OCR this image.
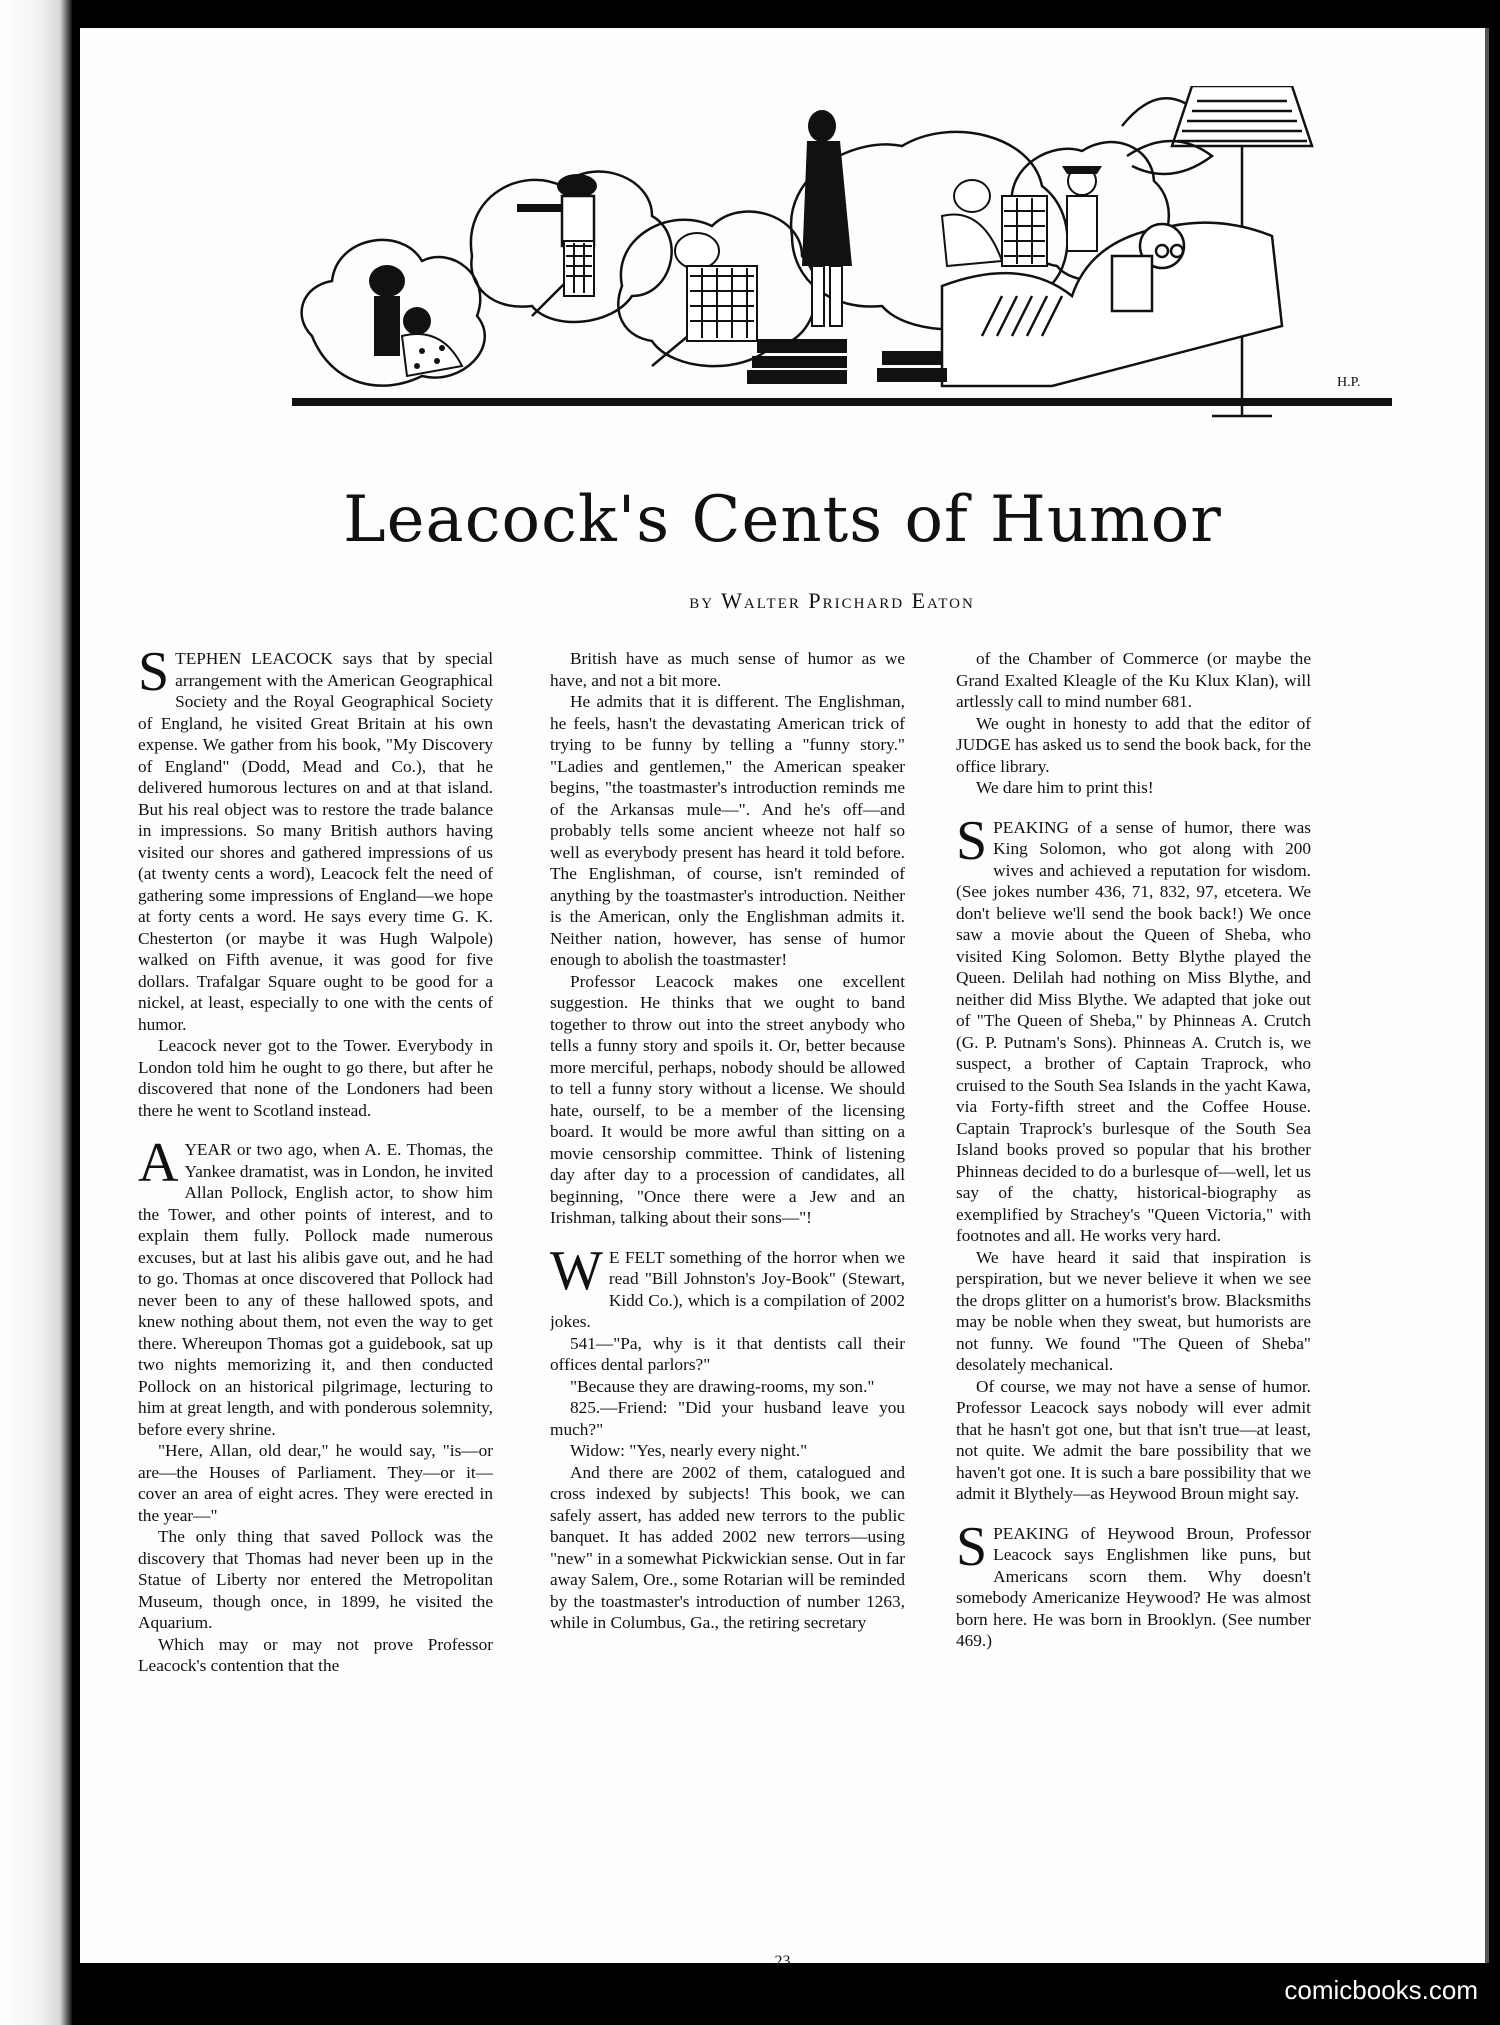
H.P.
Leacock's Cents of Humor
by Walter Prichard Eaton

STEPHEN LEACOCK says that by special arrangement with the American Geographical Society and the Royal Geographical Society of England, he visited Great Britain at his own expense. We gather from his book, "My Discovery of England" (Dodd, Mead and Co.), that he delivered humorous lectures on and at that island. But his real object was to restore the trade balance in impressions. So many British authors having visited our shores and gathered impressions of us (at twenty cents a word), Leacock felt the need of gathering some impressions of England—we hope at forty cents a word. He says every time G. K. Chesterton (or maybe it was Hugh Walpole) walked on Fifth avenue, it was good for five dollars. Trafalgar Square ought to be good for a nickel, at least, especially to one with the cents of humor.

Leacock never got to the Tower. Everybody in London told him he ought to go there, but after he discovered that none of the Londoners had been there he went to Scotland instead.

AYEAR or two ago, when A. E. Thomas, the Yankee dramatist, was in London, he invited Allan Pollock, English actor, to show him the Tower, and other points of interest, and to explain them fully. Pollock made numerous excuses, but at last his alibis gave out, and he had to go. Thomas at once discovered that Pollock had never been to any of these hallowed spots, and knew nothing about them, not even the way to get there. Whereupon Thomas got a guidebook, sat up two nights memorizing it, and then conducted Pollock on an historical pilgrimage, lecturing to him at great length, and with ponderous solemnity, before every shrine.

"Here, Allan, old dear," he would say, "is—or are—the Houses of Parliament. They—or it—cover an area of eight acres. They were erected in the year—"

The only thing that saved Pollock was the discovery that Thomas had never been up in the Statue of Liberty nor entered the Metropolitan Museum, though once, in 1899, he visited the Aquarium.

Which may or may not prove Professor Leacock's contention that the

British have as much sense of humor as we have, and not a bit more.

He admits that it is different. The Englishman, he feels, hasn't the devastating American trick of trying to be funny by telling a "funny story." "Ladies and gentlemen," the American speaker begins, "the toastmaster's introduction reminds me of the Arkansas mule—". And he's off—and probably tells some ancient wheeze not half so well as everybody present has heard it told before. The Englishman, of course, isn't reminded of anything by the toastmaster's introduction. Neither is the American, only the Englishman admits it. Neither nation, however, has sense of humor enough to abolish the toastmaster!

Professor Leacock makes one excellent suggestion. He thinks that we ought to band together to throw out into the street anybody who tells a funny story and spoils it. Or, better because more merciful, perhaps, nobody should be allowed to tell a funny story without a license. We should hate, ourself, to be a member of the licensing board. It would be more awful than sitting on a movie censorship committee. Think of listening day after day to a procession of candidates, all beginning, "Once there were a Jew and an Irishman, talking about their sons—"!

W E FELT something of the horror when we read "Bill Johnston's Joy-Book" (Stewart, Kidd Co.), which is a compilation of 2002 jokes.

541—"Pa, why is it that dentists call their offices dental parlors?"

"Because they are drawing-rooms, my son."

825.—Friend: "Did your husband leave you much?"

Widow: "Yes, nearly every night."

And there are 2002 of them, catalogued and cross indexed by subjects! This book, we can safely assert, has added new terrors to the public banquet. It has added 2002 new terrors—using "new" in a somewhat Pickwickian sense. Out in far away Salem, Ore., some Rotarian will be reminded by the toastmaster's introduction of number 1263, while in Columbus, Ga., the retiring secretary

of the Chamber of Commerce (or maybe the Grand Exalted Kleagle of the Ku Klux Klan), will artlessly call to mind number 681.

We ought in honesty to add that the editor of JUDGE has asked us to send the book back, for the office library.

We dare him to print this!

SPEAKING of a sense of humor, there was King Solomon, who got along with 200 wives and achieved a reputation for wisdom. (See jokes number 436, 71, 832, 97, etcetera. We don't believe we'll send the book back!) We once saw a movie about the Queen of Sheba, who visited King Solomon. Betty Blythe played the Queen. Delilah had nothing on Miss Blythe, and neither did Miss Blythe. We adapted that joke out of "The Queen of Sheba," by Phinneas A. Crutch (G. P. Putnam's Sons). Phinneas A. Crutch is, we suspect, a brother of Captain Traprock, who cruised to the South Sea Islands in the yacht Kawa, via Forty-fifth street and the Coffee House. Captain Traprock's burlesque of the South Sea Island books proved so popular that his brother Phinneas decided to do a burlesque of—well, let us say of the chatty, historical-biography as exemplified by Strachey's "Queen Victoria," with footnotes and all. He works very hard.

We have heard it said that inspiration is perspiration, but we never believe it when we see the drops glitter on a humorist's brow. Blacksmiths may be noble when they sweat, but humorists are not funny. We found "The Queen of Sheba" desolately mechanical.

Of course, we may not have a sense of humor. Professor Leacock says nobody will ever admit that he hasn't got one, but that isn't true—at least, not quite. We admit the bare possibility that we haven't got one. It is such a bare possibility that we admit it Blythely—as Heywood Broun might say.

SPEAKING of Heywood Broun, Professor Leacock says Englishmen like puns, but Americans scorn them. Why doesn't somebody Americanize Heywood? He was almost born here. He was born in Brooklyn. (See number 469.)

23
comicbooks.com
